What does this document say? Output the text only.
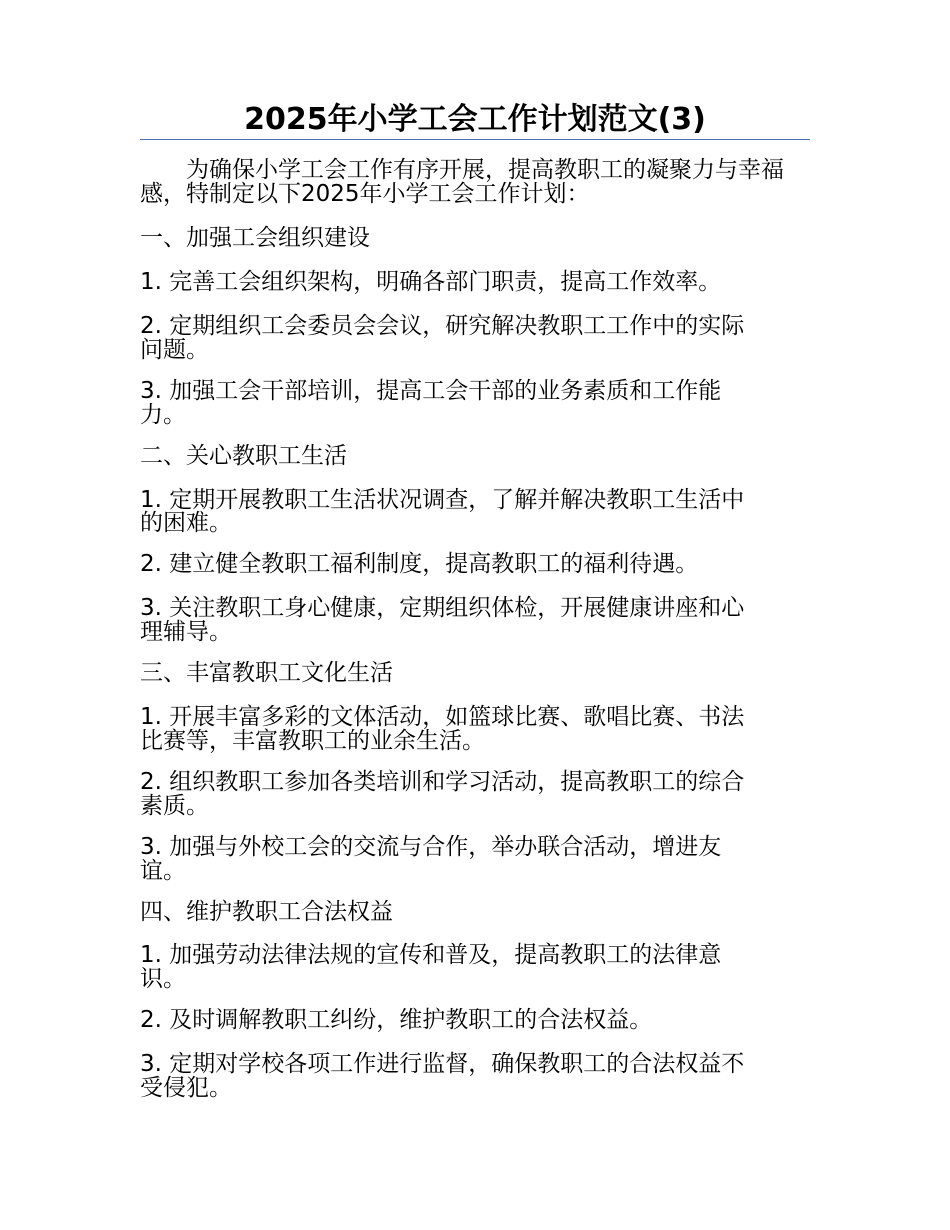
2025年小学工会工作计划范文(3)

为确保小学工会工作有序开展，提高教职工的凝聚力与幸福感，特制定以下2025年小学工会工作计划：

一、加强工会组织建设

1. 完善工会组织架构，明确各部门职责，提高工作效率。

2. 定期组织工会委员会会议，研究解决教职工工作中的实际

问题。

3. 加强工会干部培训，提高工会干部的业务素质和工作能

力。

二、关心教职工生活

1. 定期开展教职工生活状况调查，了解并解决教职工生活中

的困难。

2. 建立健全教职工福利制度，提高教职工的福利待遇。

3. 关注教职工身心健康，定期组织体检，开展健康讲座和心

理辅导。

三、丰富教职工文化生活

1. 开展丰富多彩的文体活动，如篮球比赛、歌唱比赛、书法

比赛等，丰富教职工的业余生活。

2. 组织教职工参加各类培训和学习活动，提高教职工的综合

素质。

3. 加强与外校工会的交流与合作，举办联合活动，增进友

谊。

四、维护教职工合法权益

1. 加强劳动法律法规的宣传和普及，提高教职工的法律意

识。

2. 及时调解教职工纠纷，维护教职工的合法权益。

3. 定期对学校各项工作进行监督，确保教职工的合法权益不

受侵犯。
